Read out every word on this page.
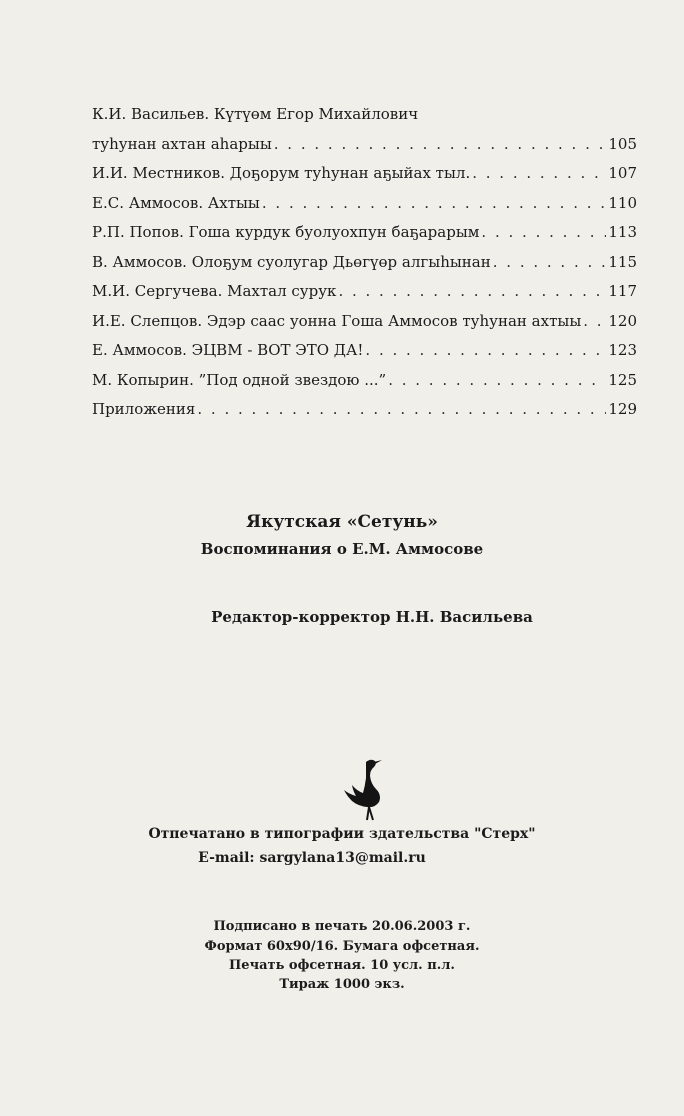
К.И. Васильев. Күтүөм Егор Михайлович
туһунан ахтан аһарыы . . .	105
И.И. Местников. Доҕорум туһунан аҕыйах тыл. . . .	107
Е.С. Аммосов. Ахтыы . . .	110
Р.П. Попов. Гоша курдук буолуохпун баҕарарым . . .	113
В. Аммосов. Олоҕум суолугар Дьөгүөр алгыһынан . . .	115
М.И. Сергучева. Махтал сурук . . .	117
И.Е. Слепцов. Эдэр саас уонна Гоша Аммосов туһунан ахтыы . . . 120
Е. Аммосов. ЭЦВМ - ВОТ ЭТО ДА! . . .	123
М. Копырин. ”Под одной звездою ...” . . .	125
Приложения . . .	129
Якутская «Сетунь»
Воспоминания о Е.М. Аммосове
Редактор-корректор Н.Н. Васильева
Отпечатано в типографии здательства "Стерх"
E-mail: sargylana13@mail.ru
Подписано в печать 20.06.2003 г.
Формат 60х90/16. Бумага офсетная.
Печать офсетная. 10 усл. п.л.
Тираж 1000 экз.
